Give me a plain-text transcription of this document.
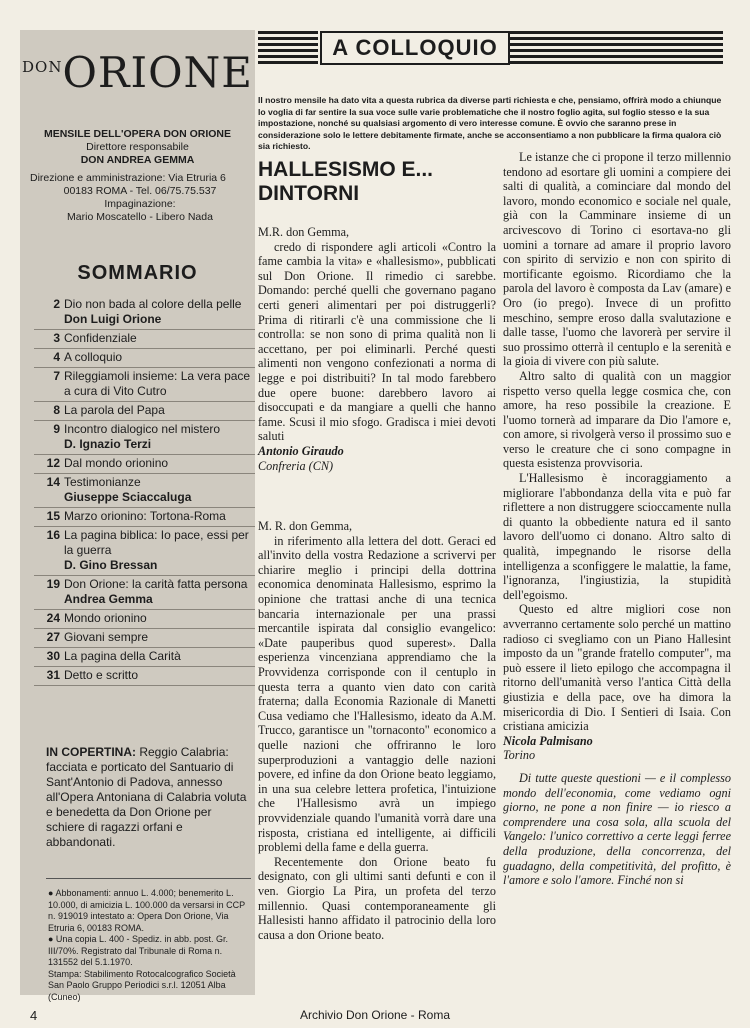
DONORIONE
MENSILE DELL'OPERA DON ORIONE
Direttore responsabile
DON ANDREA GEMMA
Direzione e amministrazione: Via Etruria 6
00183 ROMA - Tel. 06/75.75.537
Impaginazione:
Mario Moscatello - Libero Nada
SOMMARIO
2 Dio non bada al colore della pelle
Don Luigi Orione
3 Confidenziale
4 A colloquio
7 Rileggiamoli insieme: La vera pace
a cura di Vito Cutro
8 La parola del Papa
9 Incontro dialogico nel mistero
D. Ignazio Terzi
12 Dal mondo orionino
14 Testimonianze
Giuseppe Sciaccaluga
15 Marzo orionino: Tortona-Roma
16 La pagina biblica: Io pace, essi per la guerra
D. Gino Bressan
19 Don Orione: la carità fatta persona
Andrea Gemma
24 Mondo orionino
27 Giovani sempre
30 La pagina della Carità
31 Detto e scritto
IN COPERTINA: Reggio Calabria: facciata e porticato del Santuario di Sant'Antonio di Padova, annesso all'Opera Antoniana di Calabria voluta e benedetta da Don Orione per schiere di ragazzi orfani e abbandonati.

● Abbonamenti: annuo L. 4.000; benemerito L. 10.000, di amicizia L. 100.000 da versarsi in CCP n. 919019 intestato a: Opera Don Orione, Via Etruria 6, 00183 ROMA.

● Una copia L. 400 - Spediz. in abb. post. Gr. III/70%. Registrato dal Tribunale di Roma n. 131552 del 5.1.1970.

Stampa: Stabilimento Rotocalcografico Società San Paolo Gruppo Periodici s.r.l. 12051 Alba (Cuneo)

4
A COLLOQUIO
Il nostro mensile ha dato vita a questa rubrica da diverse parti richiesta e che, pensiamo, offrirà modo a chiunque lo voglia di far sentire la sua voce sulle varie problematiche che il nostro foglio agita, sul foglio stesso e la sua impostazione, nonché su qualsiasi argomento di vero interesse comune. È ovvio che saranno prese in considerazione solo le lettere debitamente firmate, anche se acconsentiamo a non pubblicare la firma qualora ciò sia richiesto.
HALLESISMO E... DINTORNI

M.R. don Gemma,

credo di rispondere agli articoli «Contro la fame cambia la vita» e «hallesismo», pubblicati sul Don Orione. Il rimedio ci sarebbe. Domando: perché quelli che governano pagano certi generi alimentari per poi distruggerli? Prima di ritirarli c'è una commissione che li controlla: se non sono di prima qualità non li accettano, per poi eliminarli. Perché questi alimenti non vengono confezionati a norma di legge e poi distribuiti? In tal modo farebbero due opere buone: darebbero lavoro ai disoccupati e da mangiare a quelli che hanno fame. Scusi il mio sfogo. Gradisca i miei devoti saluti

Antonio Giraudo

Confreria (CN)

M. R. don Gemma,

in riferimento alla lettera del dott. Geraci ed all'invito della vostra Redazione a scrivervi per chiarire meglio i principi della dottrina economica denominata Hallesismo, esprimo la opinione che trattasi anche di una tecnica bancaria internazionale per una prassi mercantile ispirata dal consiglio evangelico: «Date pauperibus quod superest». Dalla esperienza vincenziana apprendiamo che la Provvidenza corrisponde con il centuplo in questa terra a quanto vien dato con carità fraterna; dalla Economia Razionale di Manetti Cusa vediamo che l'Hallesismo, ideato da A.M. Trucco, garantisce un "tornaconto" economico a quelle nazioni che offriranno le loro superproduzioni a vantaggio delle nazioni povere, ed infine da don Orione beato leggiamo, in una sua celebre lettera profetica, l'intuizione che l'Hallesismo avrà un impiego provvidenziale quando l'umanità vorrà dare una risposta, cristiana ed intelligente, ai difficili problemi della fame e della guerra.

Recentemente don Orione beato fu designato, con gli ultimi santi defunti e con il ven. Giorgio La Pira, un profeta del terzo millennio. Quasi contemporaneamente gli Hallesisti hanno affidato il patrocinio della loro causa a don Orione beato.

Le istanze che ci propone il terzo millennio tendono ad esortare gli uomini a compiere dei salti di qualità, a cominciare dal mondo del lavoro, mondo economico e sociale nel quale, già con la Camminare insieme di un arcivescovo di Torino ci esortava-no gli uomini a tornare ad amare il proprio lavoro con spirito di servizio e non con spirito di mortificante egoismo. Ricordiamo che la parola del lavoro è composta da Lav (amare) e Oro (io prego). Invece di un profitto meschino, sempre eroso dalla svalutazione e dalle tasse, l'uomo che lavorerà per servire il suo prossimo otterrà il centuplo e la serenità e la gioia di vivere con più salute.

Altro salto di qualità con un maggior rispetto verso quella legge cosmica che, con amore, ha reso possibile la creazione. E l'uomo tornerà ad imparare da Dio l'amore e, con amore, si rivolgerà verso il prossimo suo e verso le creature che ci sono compagne in questa esistenza provvisoria.

L'Hallesismo è incoraggiamento a migliorare l'abbondanza della vita e può far riflettere a non distruggere scioccamente nulla di quanto la obbediente natura ed il santo lavoro dell'uomo ci donano. Altro salto di qualità, impegnando le risorse della intelligenza a sconfiggere le malattie, la fame, l'ignoranza, l'ingiustizia, la stupidità dell'egoismo.

Questo ed altre migliori cose non avverranno certamente solo perché un mattino radioso ci svegliamo con un Piano Hallesint imposto da un "grande fratello computer", ma può essere il lieto epilogo che accompagna il ritorno dell'umanità verso l'antica Città della giustizia e della pace, ove ha dimora la misericordia di Dio. I Sentieri di Isaia. Con cristiana amicizia

Nicola Palmisano

Torino

Di tutte queste questioni — e il complesso mondo dell'economia, come vediamo ogni giorno, ne pone a non finire — io riesco a comprendere una cosa sola, alla scuola del Vangelo: l'unico correttivo a certe leggi ferree della produzione, della concorrenza, del guadagno, della competitività, del profitto, è l'amore e solo l'amore. Finché non si

Archivio Don Orione - Roma
